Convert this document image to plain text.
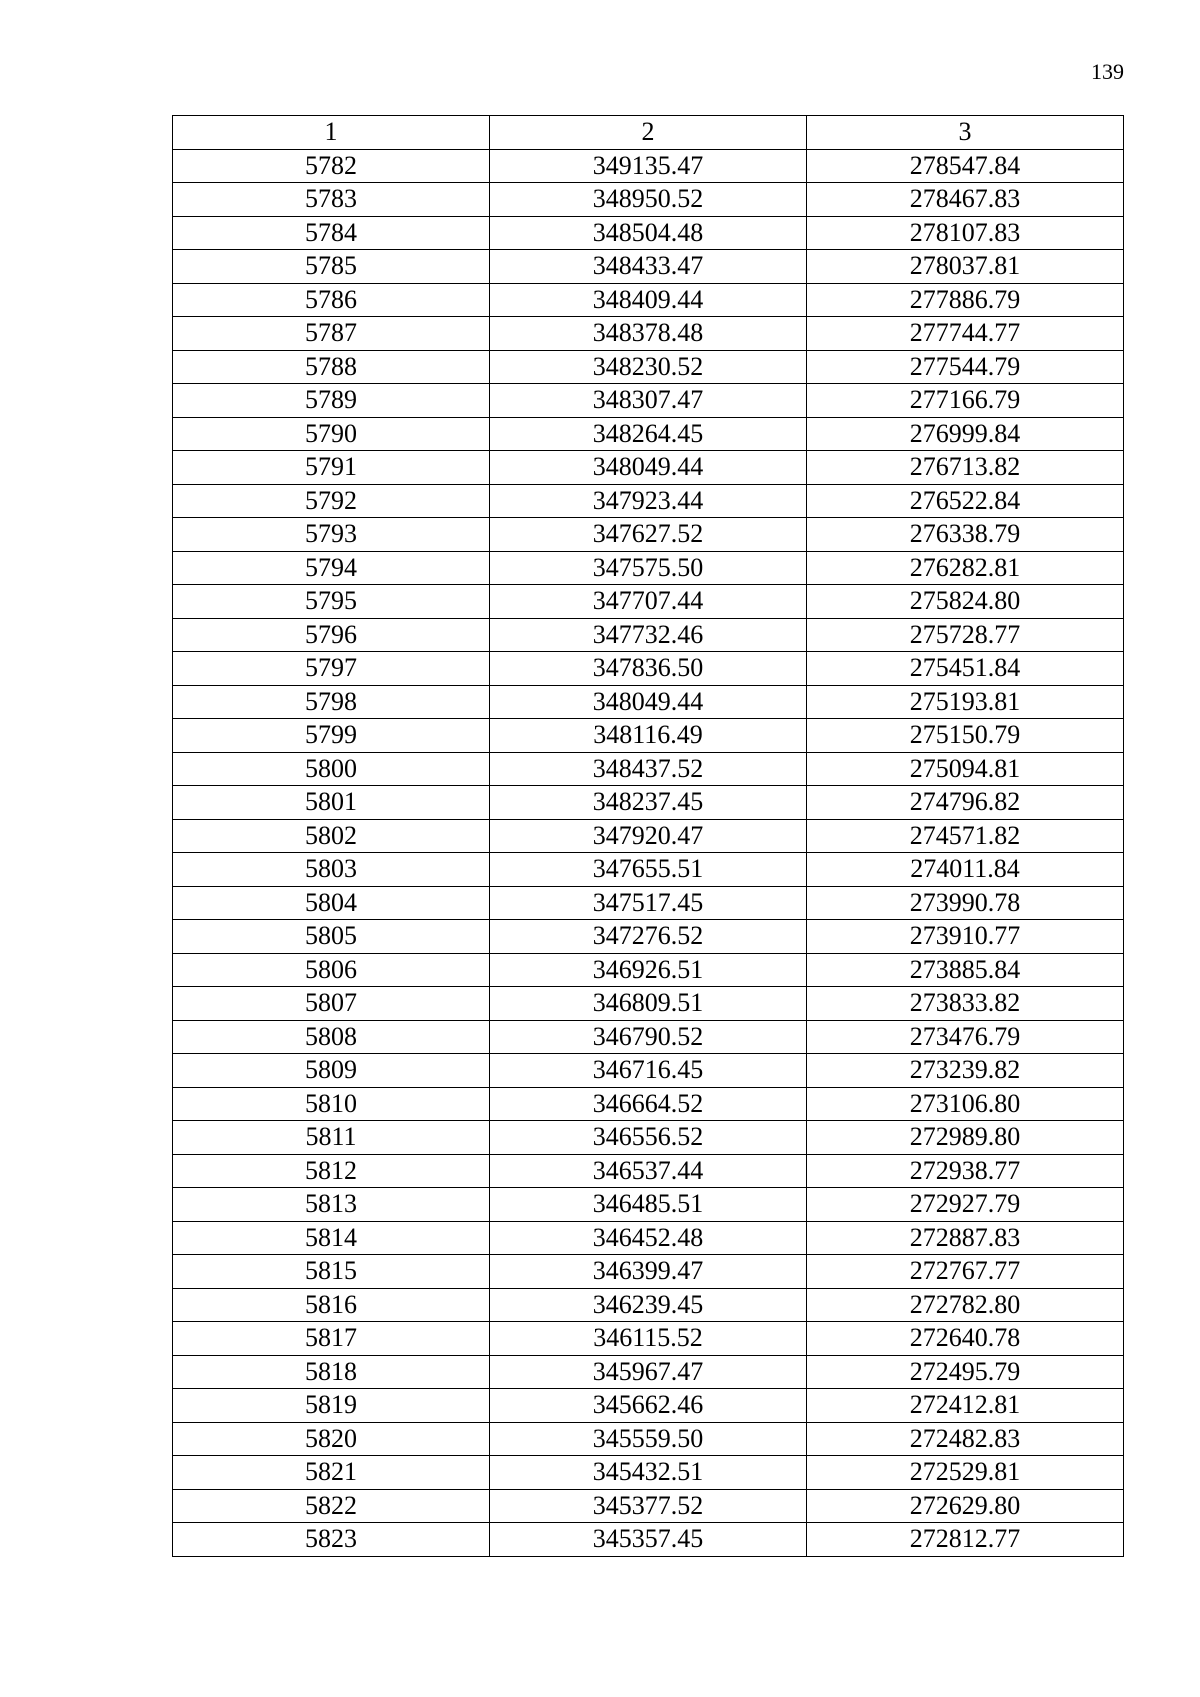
139
1	2	3
5782	349135.47	278547.84
5783	348950.52	278467.83
5784	348504.48	278107.83
5785	348433.47	278037.81
5786	348409.44	277886.79
5787	348378.48	277744.77
5788	348230.52	277544.79
5789	348307.47	277166.79
5790	348264.45	276999.84
5791	348049.44	276713.82
5792	347923.44	276522.84
5793	347627.52	276338.79
5794	347575.50	276282.81
5795	347707.44	275824.80
5796	347732.46	275728.77
5797	347836.50	275451.84
5798	348049.44	275193.81
5799	348116.49	275150.79
5800	348437.52	275094.81
5801	348237.45	274796.82
5802	347920.47	274571.82
5803	347655.51	274011.84
5804	347517.45	273990.78
5805	347276.52	273910.77
5806	346926.51	273885.84
5807	346809.51	273833.82
5808	346790.52	273476.79
5809	346716.45	273239.82
5810	346664.52	273106.80
5811	346556.52	272989.80
5812	346537.44	272938.77
5813	346485.51	272927.79
5814	346452.48	272887.83
5815	346399.47	272767.77
5816	346239.45	272782.80
5817	346115.52	272640.78
5818	345967.47	272495.79
5819	345662.46	272412.81
5820	345559.50	272482.83
5821	345432.51	272529.81
5822	345377.52	272629.80
5823	345357.45	272812.77
